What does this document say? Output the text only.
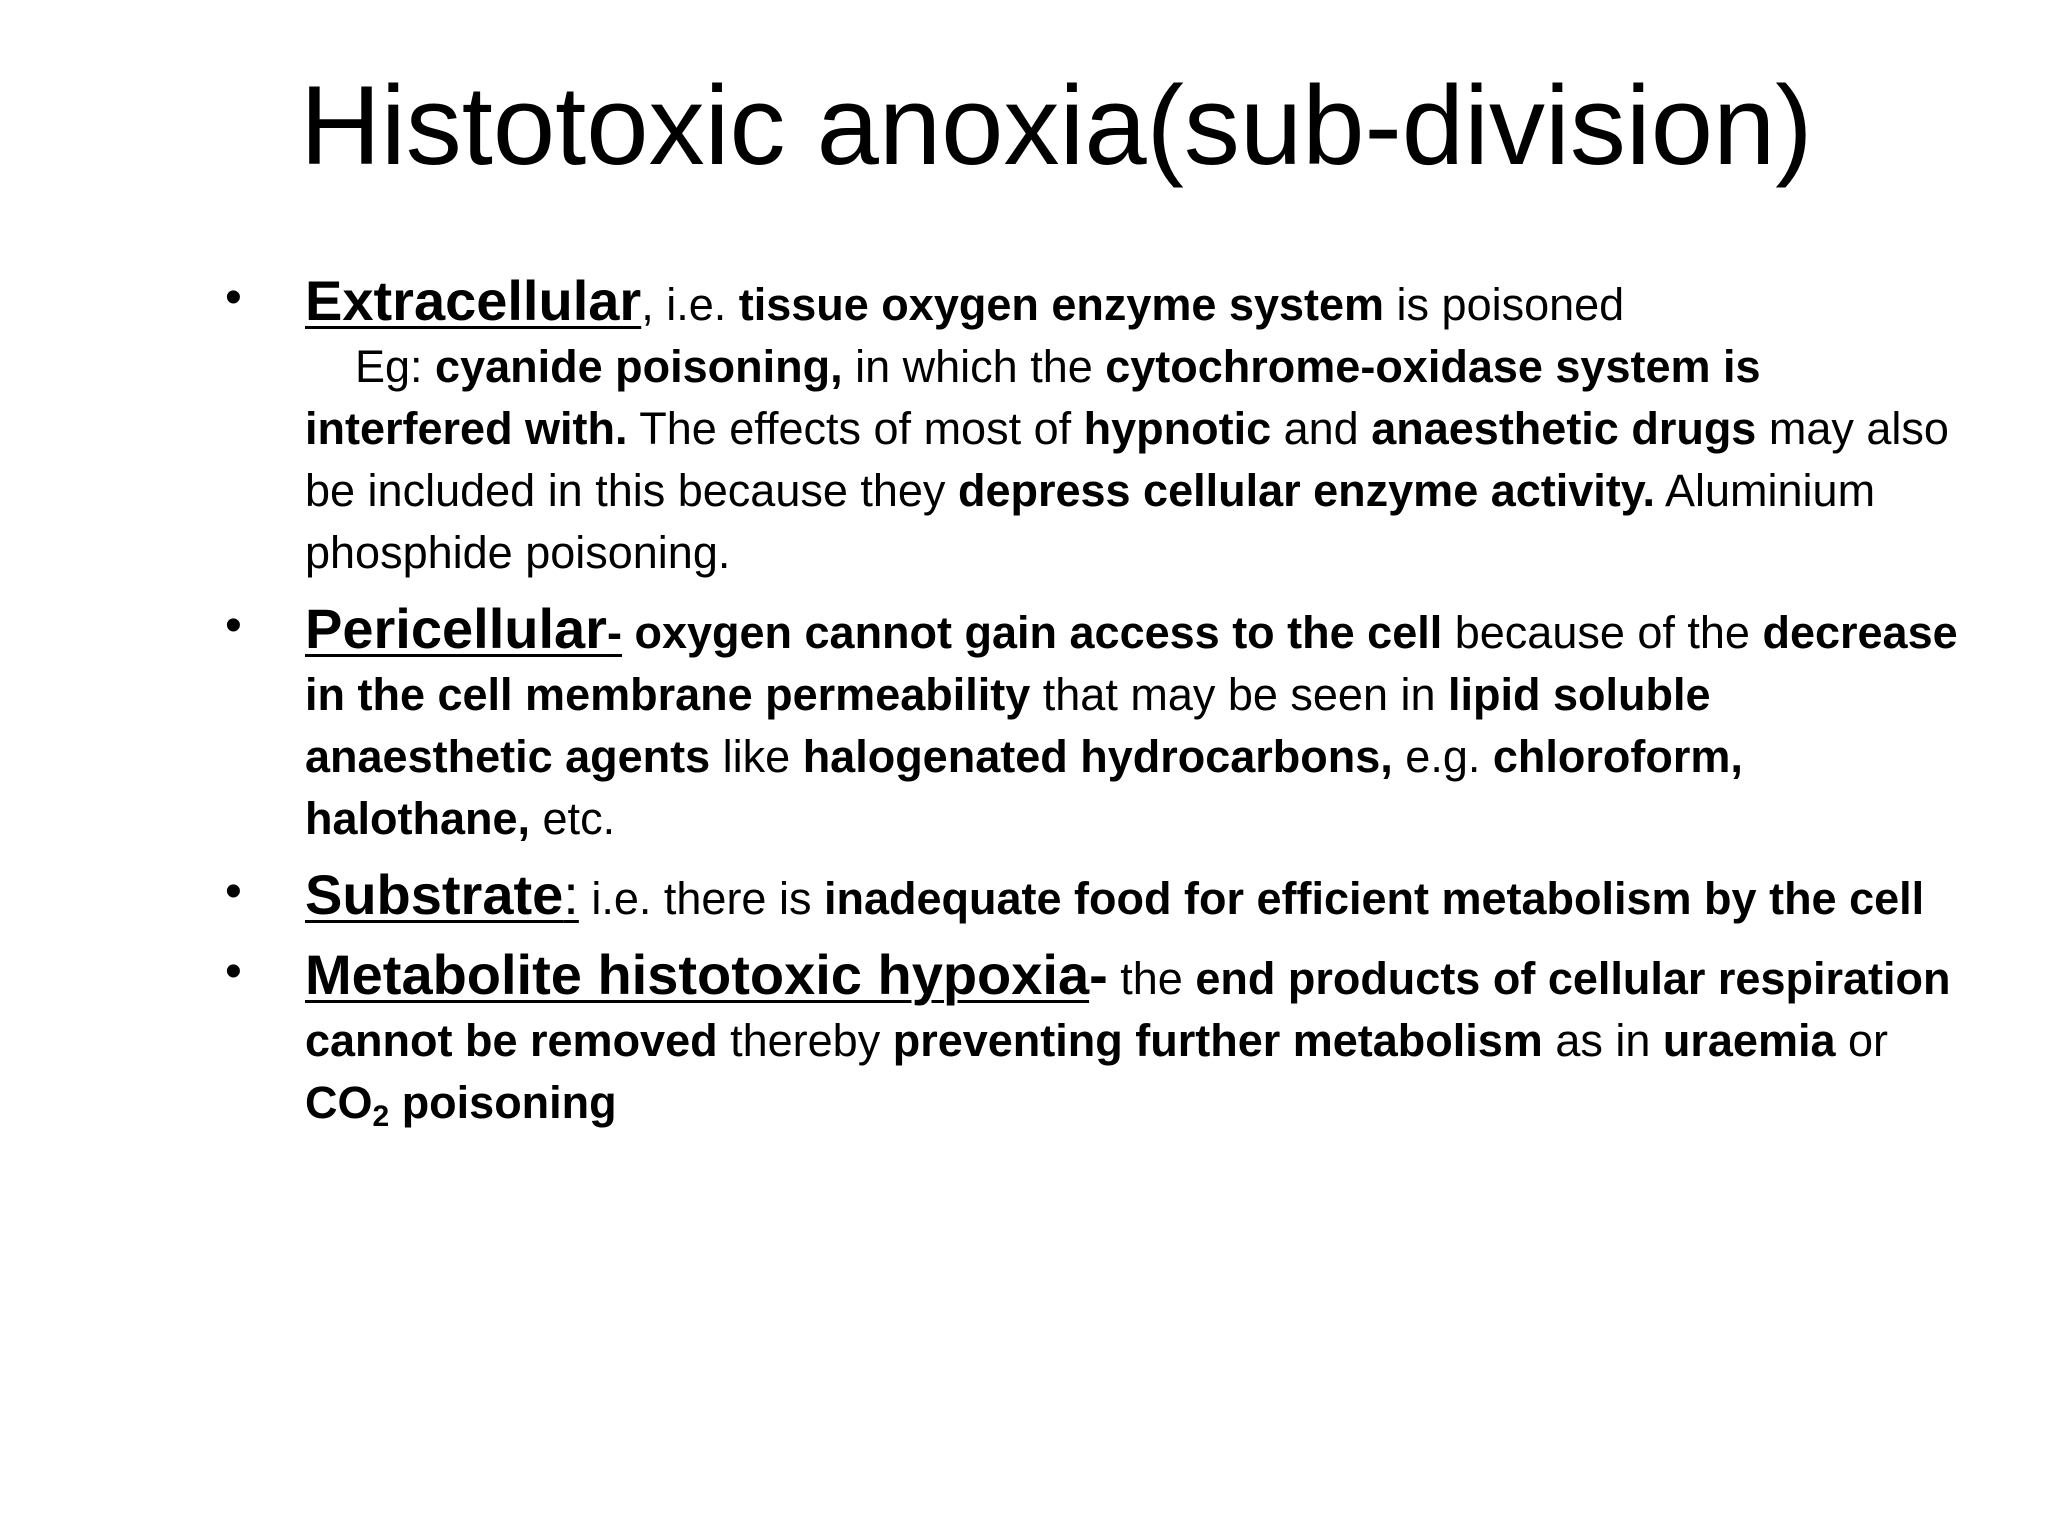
Histotoxic anoxia(sub-division)
• Extracellular, i.e. tissue oxygen enzyme system is poisoned
Eg: cyanide poisoning, in which the cytochrome-oxidase system is interfered with. The effects of most of hypnotic and anaesthetic drugs may also be included in this because they depress cellular enzyme activity. Aluminium phosphide poisoning.
• Pericellular- oxygen cannot gain access to the cell because of the decrease in the cell membrane permeability that may be seen in lipid soluble anaesthetic agents like halogenated hydrocarbons, e.g. chloroform, halothane, etc.
• Substrate: i.e. there is inadequate food for efficient metabolism by the cell
• Metabolite histotoxic hypoxia- the end products of cellular respiration cannot be removed thereby preventing further metabolism as in uraemia or $CO_2$ poisoning
